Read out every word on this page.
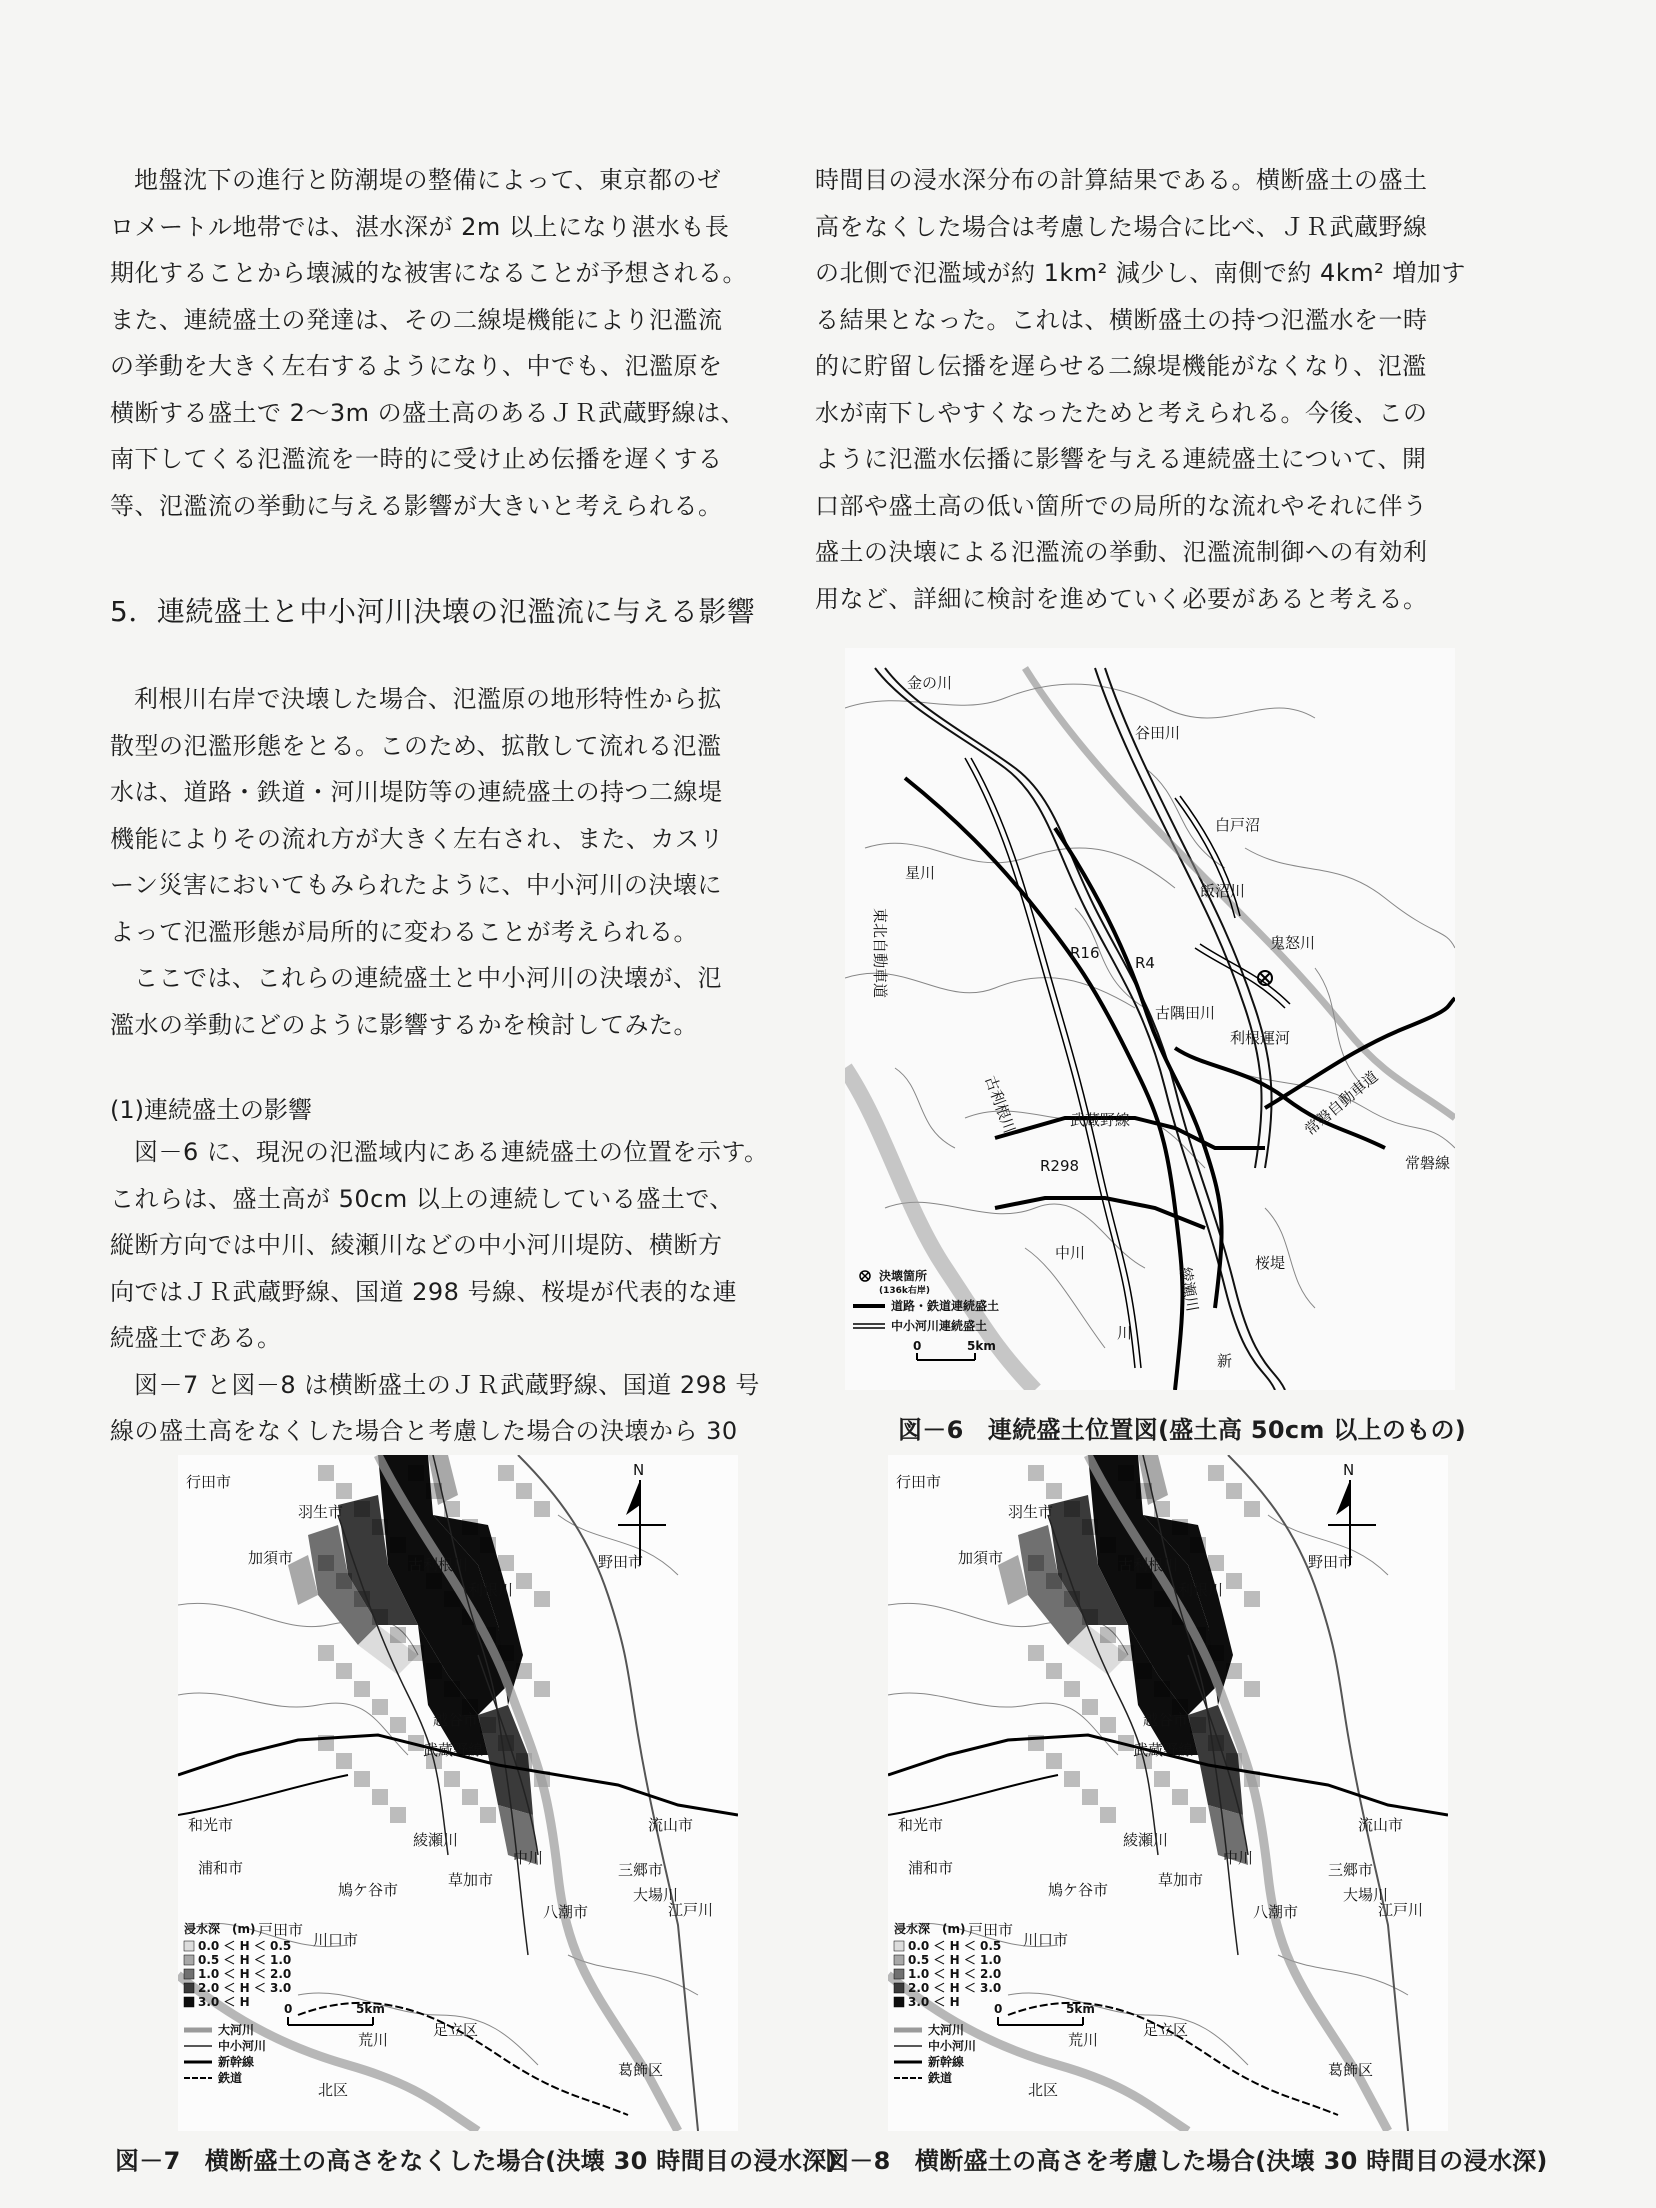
地盤沈下の進行と防潮堤の整備によって、東京都のゼ
ロメートル地帯では、湛水深が 2m 以上になり湛水も長
期化することから壊滅的な被害になることが予想される。
また、連続盛土の発達は、その二線堤機能により氾濫流
の挙動を大きく左右するようになり、中でも、氾濫原を
横断する盛土で 2～3m の盛土高のあるＪＲ武蔵野線は、
南下してくる氾濫流を一時的に受け止め伝播を遅くする
等、氾濫流の挙動に与える影響が大きいと考えられる。
5．連続盛土と中小河川決壊の氾濫流に与える影響
利根川右岸で決壊した場合、氾濫原の地形特性から拡
散型の氾濫形態をとる。このため、拡散して流れる氾濫
水は、道路・鉄道・河川堤防等の連続盛土の持つ二線堤
機能によりその流れ方が大きく左右され、また、カスリ
ーン災害においてもみられたように、中小河川の決壊に
よって氾濫形態が局所的に変わることが考えられる。
ここでは、これらの連続盛土と中小河川の決壊が、氾
濫水の挙動にどのように影響するかを検討してみた。
(1)連続盛土の影響
図－6 に、現況の氾濫域内にある連続盛土の位置を示す。
これらは、盛土高が 50cm 以上の連続している盛土で、
縦断方向では中川、綾瀬川などの中小河川堤防、横断方
向ではＪＲ武蔵野線、国道 298 号線、桜堤が代表的な連
続盛土である。
図－7 と図－8 は横断盛土のＪＲ武蔵野線、国道 298 号
線の盛土高をなくした場合と考慮した場合の決壊から 30
時間目の浸水深分布の計算結果である。横断盛土の盛土
高をなくした場合は考慮した場合に比べ、ＪＲ武蔵野線
の北側で氾濫域が約 1km² 減少し、南側で約 4km² 増加す
る結果となった。これは、横断盛土の持つ氾濫水を一時
的に貯留し伝播を遅らせる二線堤機能がなくなり、氾濫
水が南下しやすくなったためと考えられる。今後、この
ように氾濫水伝播に影響を与える連続盛土について、開
口部や盛土高の低い箇所での局所的な流れやそれに伴う
盛土の決壊による氾濫流の挙動、氾濫流制御への有効利
用など、詳細に検討を進めていく必要があると考える。
金の川
谷田川
白戸沼
飯沼川
鬼怒川
利根運河
東北自動車道
星川
R16
R4
古利根川	武蔵野線
R298
常磐自動車道
常磐線
中川
綾瀬川
桜堤
古隅田川
新
川
決壊箇所
(136k右岸)
道路・鉄道連続盛土
中小河川連続盛土
0	5km
図－6　連続盛土位置図(盛土高 50cm 以上のもの)
行田市
羽生市
加須市	野田市
越谷市
武蔵野線
流山市
三郷市
大場川
江戸川
中川
八潮市
草加市
鳩ケ谷市
浦和市
戸田市
川口市
足立区
荒川
葛飾区
北区
和光市
綾瀬川
利根川
古利根川
N
浸水深　(m)
0.0 ＜ H ＜ 0.5
0.5 ＜ H ＜ 1.0
1.0 ＜ H ＜ 2.0
2.0 ＜ H ＜ 3.0
3.0 ＜ H
大河川
中小河川
新幹線
鉄道
0	5km
図－7　横断盛土の高さをなくした場合(決壊 30 時間目の浸水深)
行田市
羽生市
加須市	野田市
越谷市
武蔵野線
流山市
三郷市
大場川
江戸川
中川
八潮市
草加市
鳩ケ谷市
浦和市
戸田市
川口市
足立区
荒川
葛飾区
北区
和光市
綾瀬川
利根川
古利根川
N
浸水深　(m)
0.0 ＜ H ＜ 0.5
0.5 ＜ H ＜ 1.0
1.0 ＜ H ＜ 2.0
2.0 ＜ H ＜ 3.0
3.0 ＜ H
大河川
中小河川
新幹線
鉄道
0	5km
図－8　横断盛土の高さを考慮した場合(決壊 30 時間目の浸水深)
